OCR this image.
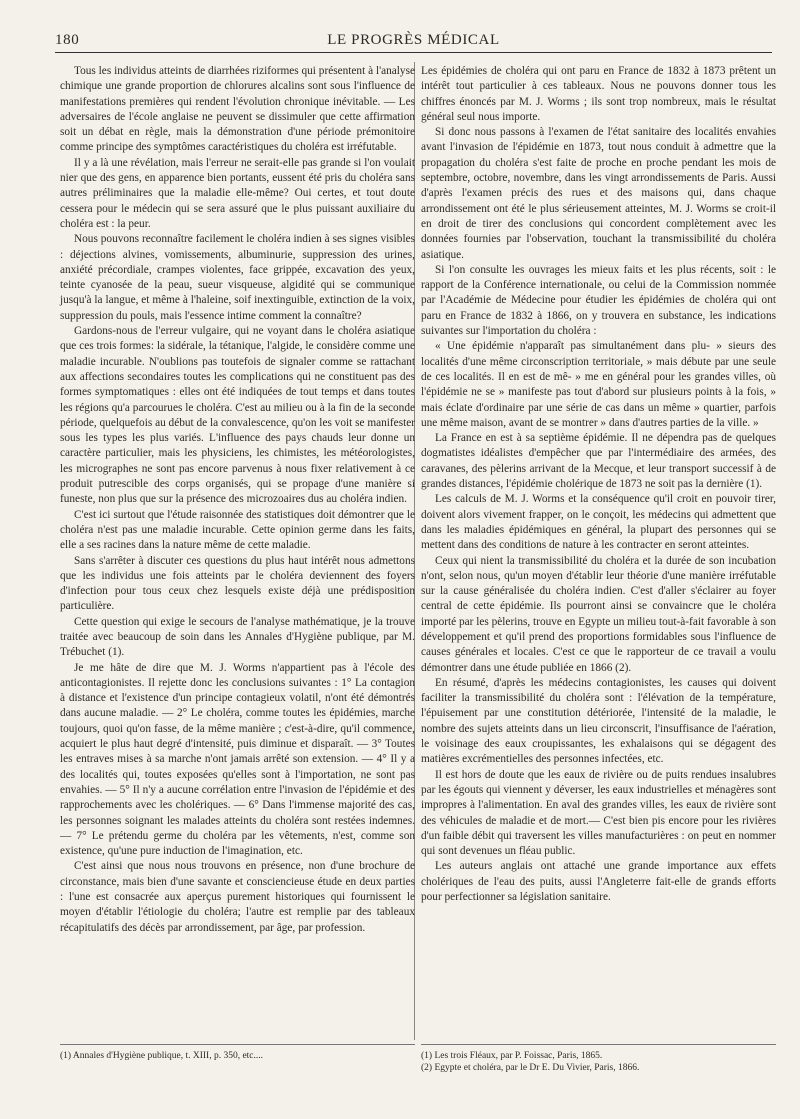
180	LE PROGRÈS MÉDICAL

Tous les individus atteints de diarrhées riziformes qui présentent à l'analyse chimique une grande proportion de chlorures alcalins sont sous l'influence de manifestations premières qui rendent l'évolution chronique inévitable. — Les adversaires de l'école anglaise ne peuvent se dissimuler que cette affirmation soit un débat en règle, mais la démonstration d'une période prémonitoire comme principe des symptômes caractéristiques du choléra est irréfutable.

Il y a là une révélation, mais l'erreur ne serait-elle pas grande si l'on voulait nier que des gens, en apparence bien portants, eussent été pris du choléra sans autres préliminaires que la maladie elle-même? Oui certes, et tout doute cessera pour le médecin qui se sera assuré que le plus puissant auxiliaire du choléra est : la peur.

Nous pouvons reconnaître facilement le choléra indien à ses signes visibles : déjections alvines, vomissements, albuminurie, suppression des urines, anxiété précordiale, crampes violentes, face grippée, excavation des yeux, teinte cyanosée de la peau, sueur visqueuse, algidité qui se communique jusqu'à la langue, et même à l'haleine, soif inextinguible, extinction de la voix, suppression du pouls, mais l'essence intime comment la connaître?

Gardons-nous de l'erreur vulgaire, qui ne voyant dans le choléra asiatique que ces trois formes: la sidérale, la tétanique, l'algide, le considère comme une maladie incurable. N'oublions pas toutefois de signaler comme se rattachant aux affections secondaires toutes les complications qui ne constituent pas des formes symptomatiques : elles ont été indiquées de tout temps et dans toutes les régions qu'a parcourues le choléra. C'est au milieu ou à la fin de la seconde période, quelquefois au début de la convalescence, qu'on les voit se manifester sous les types les plus variés. L'influence des pays chauds leur donne un caractère particulier, mais les physiciens, les chimistes, les météorologistes, les micrographes ne sont pas encore parvenus à nous fixer relativement à ce produit putrescible des corps organisés, qui se propage d'une manière si funeste, non plus que sur la présence des microzoaires dus au choléra indien.

C'est ici surtout que l'étude raisonnée des statistiques doit démontrer que le choléra n'est pas une maladie incurable. Cette opinion germe dans les faits, elle a ses racines dans la nature même de cette maladie.

Sans s'arrêter à discuter ces questions du plus haut intérêt nous admettons que les individus une fois atteints par le choléra deviennent des foyers d'infection pour tous ceux chez lesquels existe déjà une prédisposition particulière.

Cette question qui exige le secours de l'analyse mathématique, je la trouve traitée avec beaucoup de soin dans les Annales d'Hygiène publique, par M. Trébuchet (1).

Je me hâte de dire que M. J. Worms n'appartient pas à l'école des anticontagionistes. Il rejette donc les conclusions suivantes : 1° La contagion à distance et l'existence d'un principe contagieux volatil, n'ont été démontrés dans aucune maladie. — 2° Le choléra, comme toutes les épidémies, marche toujours, quoi qu'on fasse, de la même manière ; c'est-à-dire, qu'il commence, acquiert le plus haut degré d'intensité, puis diminue et disparaît. — 3° Toutes les entraves mises à sa marche n'ont jamais arrêté son extension. — 4° Il y a des localités qui, toutes exposées qu'elles sont à l'importation, ne sont pas envahies. — 5° Il n'y a aucune corrélation entre l'invasion de l'épidémie et des rapprochements avec les cholériques. — 6° Dans l'immense majorité des cas, les personnes soignant les malades atteints du choléra sont restées indemnes. — 7° Le prétendu germe du choléra par les vêtements, n'est, comme son existence, qu'une pure induction de l'imagination, etc.

C'est ainsi que nous nous trouvons en présence, non d'une brochure de circonstance, mais bien d'une savante et consciencieuse étude en deux parties : l'une est consacrée aux aperçus purement historiques qui fournissent le moyen d'établir l'étiologie du choléra; l'autre est remplie par des tableaux récapitulatifs des décès par arrondissement, par âge, par profession.

Les épidémies de choléra qui ont paru en France de 1832 à 1873 prêtent un intérêt tout particulier à ces tableaux. Nous ne pouvons donner tous les chiffres énoncés par M. J. Worms ; ils sont trop nombreux, mais le résultat général seul nous importe.

Si donc nous passons à l'examen de l'état sanitaire des localités envahies avant l'invasion de l'épidémie en 1873, tout nous conduit à admettre que la propagation du choléra s'est faite de proche en proche pendant les mois de septembre, octobre, novembre, dans les vingt arrondissements de Paris. Aussi d'après l'examen précis des rues et des maisons qui, dans chaque arrondissement ont été le plus sérieusement atteintes, M. J. Worms se croit-il en droit de tirer des conclusions qui concordent complètement avec les données fournies par l'observation, touchant la transmissibilité du choléra asiatique.

Si l'on consulte les ouvrages les mieux faits et les plus récents, soit : le rapport de la Conférence internationale, ou celui de la Commission nommée par l'Académie de Médecine pour étudier les épidémies de choléra qui ont paru en France de 1832 à 1866, on y trouvera en substance, les indications suivantes sur l'importation du choléra :

« Une épidémie n'apparaît pas simultanément dans plu- » sieurs des localités d'une même circonscription territoriale, » mais débute par une seule de ces localités. Il en est de mê- » me en général pour les grandes villes, où l'épidémie ne se » manifeste pas tout d'abord sur plusieurs points à la fois, » mais éclate d'ordinaire par une série de cas dans un même » quartier, parfois une même maison, avant de se montrer » dans d'autres parties de la ville. »

La France en est à sa septième épidémie. Il ne dépendra pas de quelques dogmatistes idéalistes d'empêcher que par l'intermédiaire des armées, des caravanes, des pèlerins arrivant de la Mecque, et leur transport successif à de grandes distances, l'épidémie cholérique de 1873 ne soit pas la dernière (1).

Les calculs de M. J. Worms et la conséquence qu'il croit en pouvoir tirer, doivent alors vivement frapper, on le conçoit, les médecins qui admettent que dans les maladies épidémiques en général, la plupart des personnes qui se mettent dans des conditions de nature à les contracter en seront atteintes.

Ceux qui nient la transmissibilité du choléra et la durée de son incubation n'ont, selon nous, qu'un moyen d'établir leur théorie d'une manière irréfutable sur la cause généralisée du choléra indien. C'est d'aller s'éclairer au foyer central de cette épidémie. Ils pourront ainsi se convaincre que le choléra importé par les pèlerins, trouve en Egypte un milieu tout-à-fait favorable à son développement et qu'il prend des proportions formidables sous l'influence de causes générales et locales. C'est ce que le rapporteur de ce travail a voulu démontrer dans une étude publiée en 1866 (2).

En résumé, d'après les médecins contagionistes, les causes qui doivent faciliter la transmissibilité du choléra sont : l'élévation de la température, l'épuisement par une constitution détériorée, l'intensité de la maladie, le nombre des sujets atteints dans un lieu circonscrit, l'insuffisance de l'aération, le voisinage des eaux croupissantes, les exhalaisons qui se dégagent des matières excrémentielles des personnes infectées, etc.

Il est hors de doute que les eaux de rivière ou de puits rendues insalubres par les égouts qui viennent y déverser, les eaux industrielles et ménagères sont impropres à l'alimentation. En aval des grandes villes, les eaux de rivière sont des véhicules de maladie et de mort.— C'est bien pis encore pour les rivières d'un faible débit qui traversent les villes manufacturières : on peut en nommer qui sont devenues un fléau public.

Les auteurs anglais ont attaché une grande importance aux effets cholériques de l'eau des puits, aussi l'Angleterre fait-elle de grands efforts pour perfectionner sa législation sanitaire.

(1) Annales d'Hygiène publique, t. XIII, p. 350, etc....	(1) Les trois Fléaux, par P. Foissac, Paris, 1865.
(2) Egypte et choléra, par le Dr E. Du Vivier, Paris, 1866.
